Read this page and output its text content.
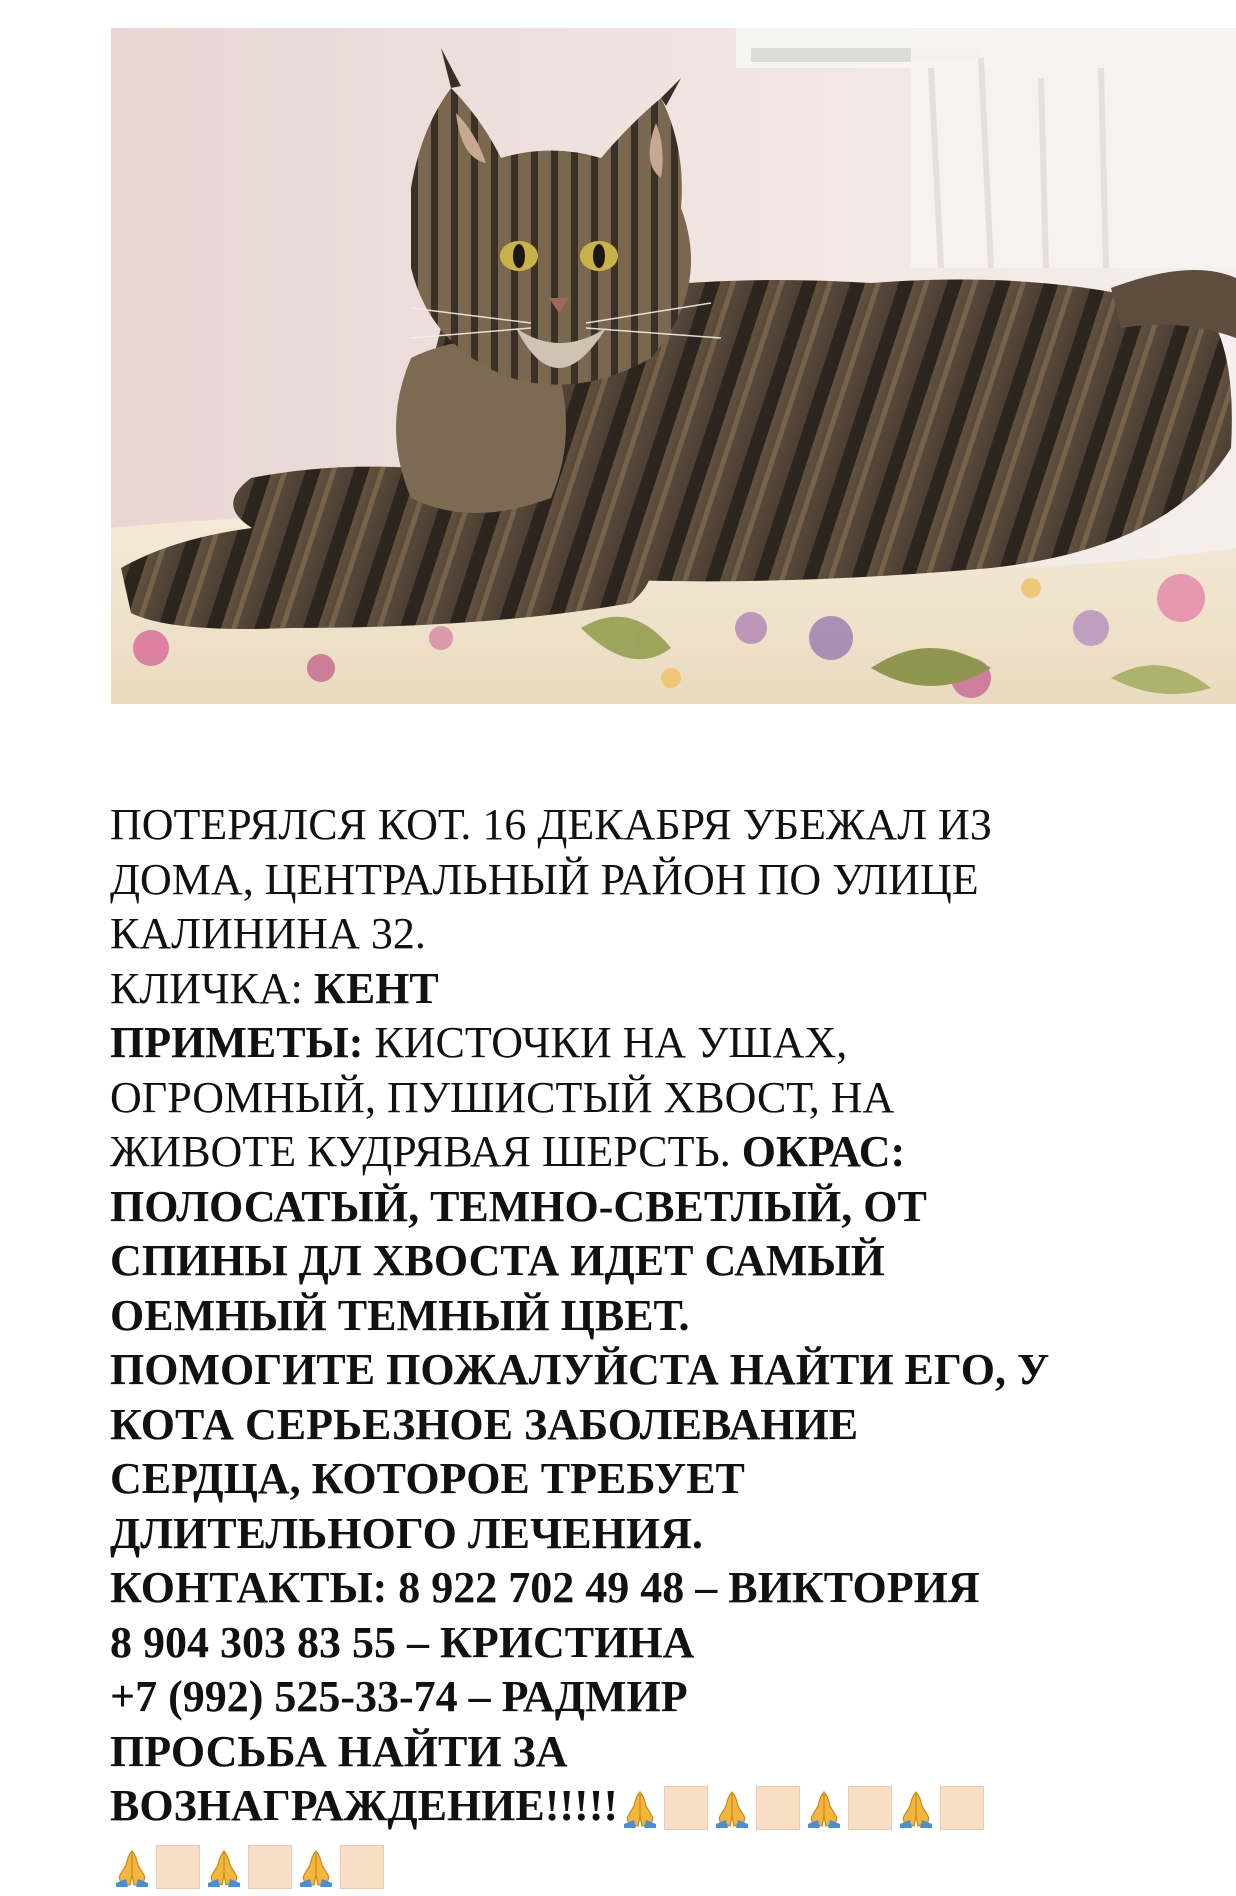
ПОТЕРЯЛСЯ КОТ. 16 ДЕКАБРЯ УБЕЖАЛ ИЗ
ДОМА, ЦЕНТРАЛЬНЫЙ РАЙОН ПО УЛИЦЕ
КАЛИНИНА 32.
КЛИЧКА: КЕНТ
ПРИМЕТЫ: КИСТОЧКИ НА УШАХ,
ОГРОМНЫЙ, ПУШИСТЫЙ ХВОСТ, НА
ЖИВОТЕ КУДРЯВАЯ ШЕРСТЬ. ОКРАС:
ПОЛОСАТЫЙ, ТЕМНО-СВЕТЛЫЙ, ОТ
СПИНЫ ДЛ ХВОСТА ИДЕТ САМЫЙ
ОЕМНЫЙ ТЕМНЫЙ ЦВЕТ.
ПОМОГИТЕ ПОЖАЛУЙСТА НАЙТИ ЕГО, У
КОТА СЕРЬЕЗНОЕ ЗАБОЛЕВАНИЕ
СЕРДЦА, КОТОРОЕ ТРЕБУЕТ
ДЛИТЕЛЬНОГО ЛЕЧЕНИЯ.
КОНТАКТЫ: 8 922 702 49 48 – ВИКТОРИЯ
8 904 303 83 55 – КРИСТИНА
+7 (992) 525-33-74 – РАДМИР
ПРОСЬБА НАЙТИ ЗА
ВОЗНАГРАЖДЕНИЕ!!!!!
